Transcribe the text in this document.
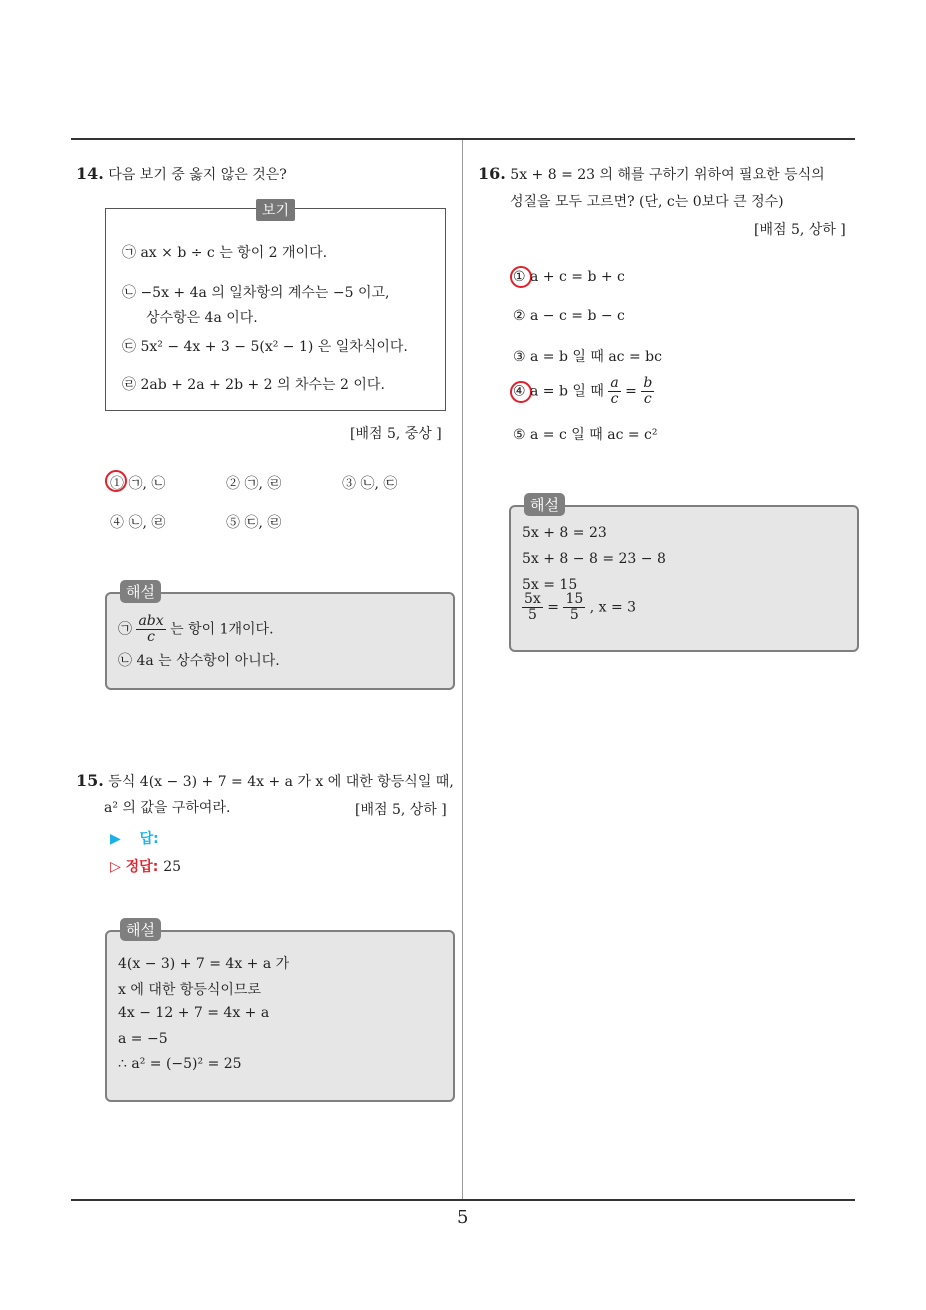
5
14. 다음 보기 중 옳지 않은 것은?
보기
㉠ ax × b ÷ c 는 항이 2 개이다.
㉡ −5x + 4a 의 일차항의 계수는 −5 이고,
상수항은 4a 이다.
㉢ 5x² − 4x + 3 − 5(x² − 1) 은 일차식이다.
㉣ 2ab + 2a + 2b + 2 의 차수는 2 이다.
[배점 5, 중상 ]
① ㉠, ㉡	② ㉠, ㉣	③ ㉡, ㉢
④ ㉡, ㉣	⑤ ㉢, ㉣
해설
㉠ $\frac{\text{abx}}{c}$ 는 항이 1개이다.
㉡ 4a 는 상수항이 아니다.
15. 등식 4(x − 3) + 7 = 4x + a 가 x 에 대한 항등식일 때,
a² 의 값을 구하여라.	[배점 5, 상하 ]
▶ 답:
▷ 정답: 25
해설
4(x − 3) + 7 = 4x + a 가
x 에 대한 항등식이므로
4x − 12 + 7 = 4x + a
a = −5
∴ a² = (−5)² = 25
16. 5x + 8 = 23 의 해를 구하기 위하여 필요한 등식의
성질을 모두 고르면? (단, c는 0보다 큰 정수)
[배점 5, 상하 ]
① a + c = b + c
② a − c = b − c
③ a = b 일 때 ac = bc
④ a = b 일 때 $\frac{a}{c} = \frac{b}{c}$
⑤ a = c 일 때 ac = c²
해설
5x + 8 = 23
5x + 8 − 8 = 23 − 8
5x = 15
$\frac{5x}{5} = \frac{15}{5}$ , x = 3
